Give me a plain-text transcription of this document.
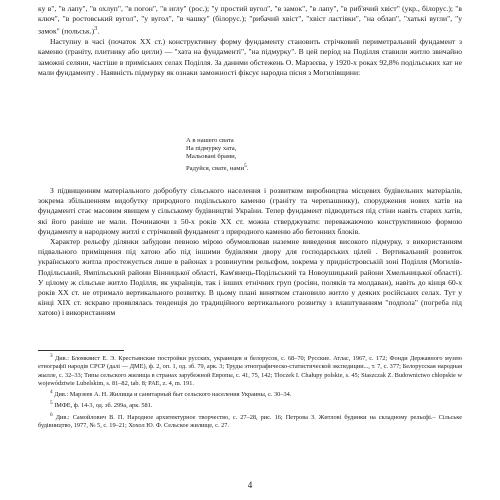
ку в", "в лапу", "в охлуп", "в погон", "в иглу" (рос.); "у простий вугол", "в замок", "в лапу", "в риб'ячий хвіст" (укр., білорус.); "в ключ", "в ростовський вугол", "у вугол", "в чашку" (білорус.); "рибачий хвіст", "хвіст ластівки", "на облап", "хатькі вугли", "у замок" (польськ.)$^3$.

Наступну в часі (початок XX ст.) конструктивну форму фундаменту становить стрічковий периметральний фундамент з каменю (граніту, плитнику або цегли) — "хата на фундаменті", "на підмурку". В цей період на Поділля ставили житло звичайно заможні селяни, частіше в приміських селах Поділля. За даними обстежень О. Марзєєва, у 1920-х роках 92,8% подільських хат не мали фундаменту . Наявність підмурку як ознаки заможності фіксує народна пісня з Могилівщини:

А в нашего свата
На підмурку хата,
Мальовані брами,
Радуйся, свате, нами$^5$.

З підвищенням матеріального добробуту сільського населення і розвитком виробництва місцевих будівельних матеріалів, зокрема збільшенням видобутку природного подільського каменю (граніту та черепашнику), спорудження нових хатів на фундаменті стає масовим явищем у сільському будівництві України. Тепер фундамент підводиться під стіни навіть старих хатів, які його раніше не мали. Починаючи з 50-х років XX ст. можна стверджувати: переважаючою конструктивною формою фундаменту в народному житлі є стрічковий фундамент з природного каменю або бетонних блоків.

Характер рельєфу ділянки забудови певною мірою обумовлював наземне виведення високого підмурку, з використанням підвального приміщення під хатою або під іншими будівлями двору для господарських цілей . Вертикальний розвиток українського житла простежується лише в районах з розвинутим рельєфом, зокрема у придністровській зоні Поділля (Могилів-Подільський, Ямпільський райони Вінницької області, Кам'янець-Подільський та Новоушицький райони Хмельницької області). У цілому ж сільське житло Поділля, як українців, так і інших етнічних груп (росіян, поляків та молдаван), навіть до кінця 60-х років XX ст. не отримало вертикального розвитку. В цьому плані винятком становило житло у деяких російських селах. Тут у кінці XIX ст. яскраво проявлялась тенденція до традиційного вертикального розвитку з влаштуванням "подпола" (погреба під хатою) і використанням

$^3$ Див.: Бломквист Е. Э. Крестьянские постройки русских, украинцев и белорусов, с. 68–70; Русские. Атлас, 1967, с. 172; Фонди Державного музею етнографії народів СРСР (далі — ДМЕ), ф. 2, оп. 1, од. зб. 79, арк. 3; Труды этнографическо-статистической экспедиции..., т. 7, с. 377; Белорусская народная жылле, с. 32–33; Типы сельского жилища в странах зарубежной Европы, с. 41, 75, 142; Tłoczek I. Chałupy polskie, s. 45; Staszczak Z. Budownictwo chłopskie w województwie Lubelskim, s. 81–82, tab. 8; PAE, z. 4, m. 191.

$^4$ Див.: Марзеев А. Н. Жилища и санитарный быт сельского населения Украины, с. 30–34.

$^5$ ІМФЕ, ф. 14-3, од. зб. 299а, арк. 581.

$^6$ Див.: Самойлович В. П. Народное архитектурное творчество, с. 27–28, рис. 16; Петрова З. Житлові будинки на складному рельєфі.– Сільське будівництво, 1977, № 5, с. 19–21; Хохол Ю. Ф. Сельское жилище, с. 27.

4
